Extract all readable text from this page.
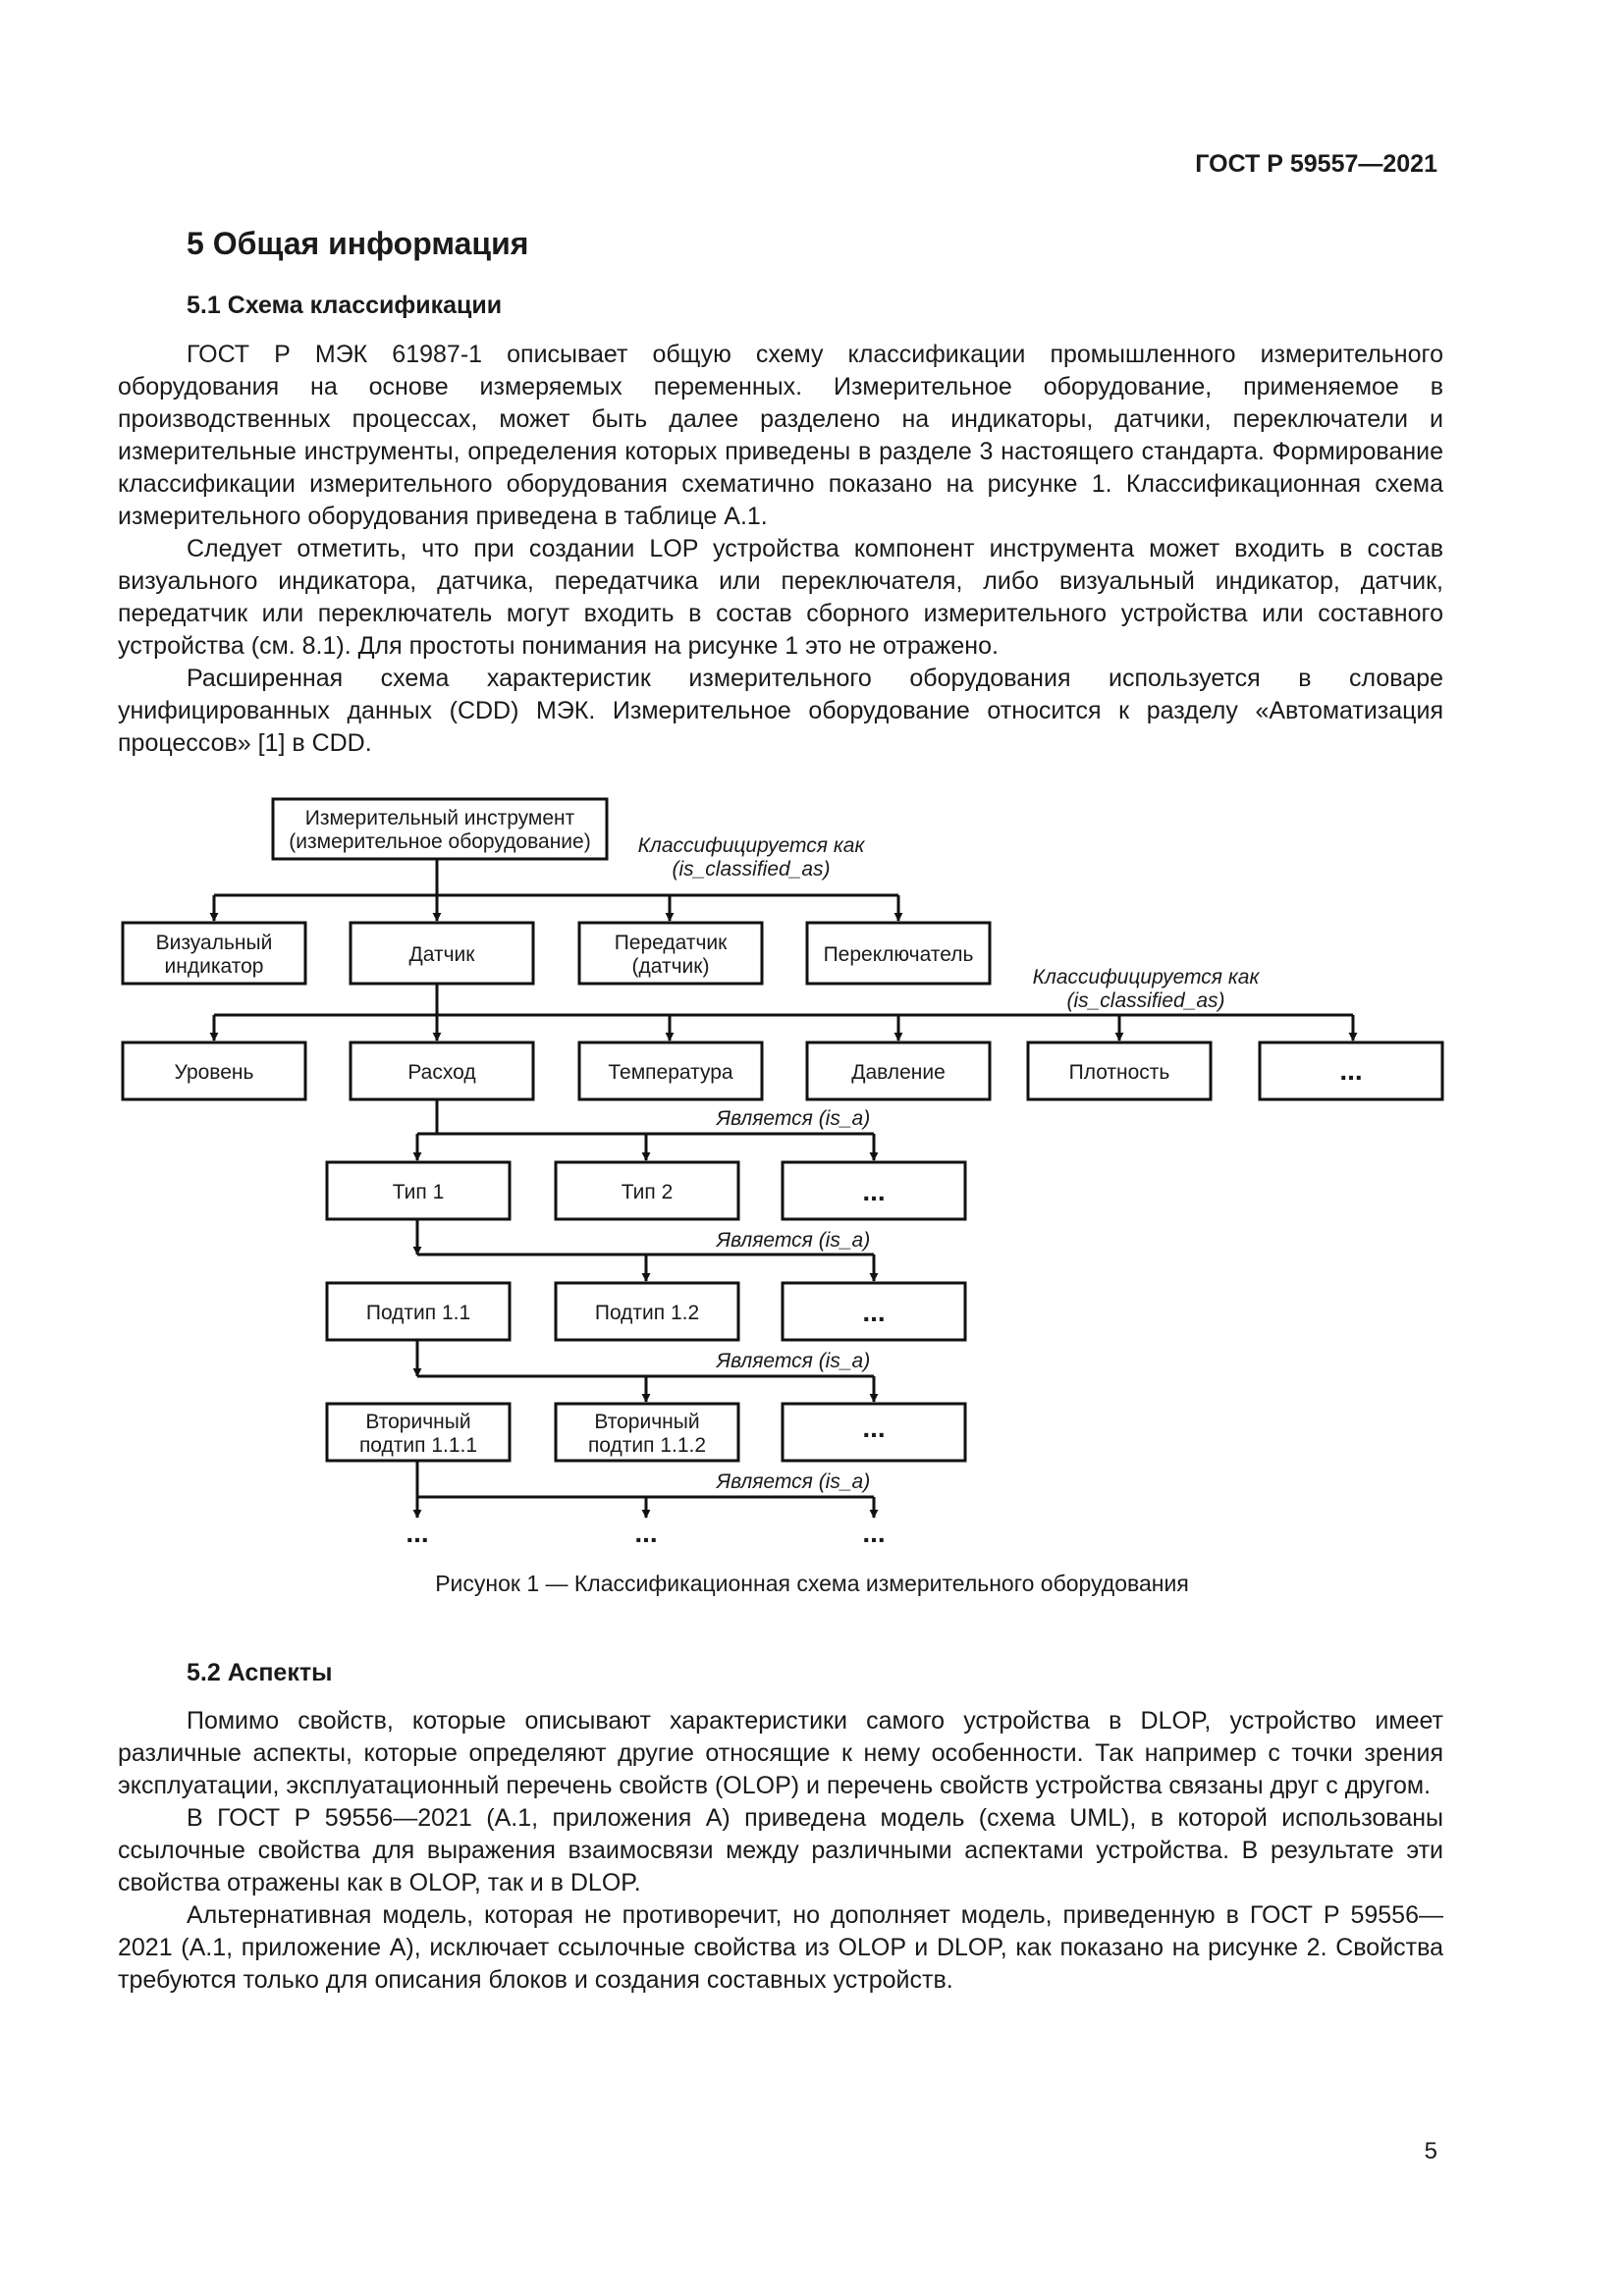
ГОСТ Р 59557—2021
5 Общая информация
5.1 Схема классификации

ГОСТ Р МЭК 61987-1 описывает общую схему классификации промышленного измерительного оборудования на основе измеряемых переменных. Измерительное оборудование, применяемое в производственных процессах, может быть далее разделено на индикаторы, датчики, переключатели и измерительные инструменты, определения которых приведены в разделе 3 настоящего стандарта. Формирование классификации измерительного оборудования схематично показано на рисунке 1. Классификационная схема измерительного оборудования приведена в таблице А.1.

Следует отметить, что при создании LOP устройства компонент инструмента может входить в состав визуального индикатора, датчика, передатчика или переключателя, либо визуальный индикатор, датчик, передатчик или переключатель могут входить в состав сборного измерительного устройства или составного устройства (см. 8.1). Для простоты понимания на рисунке 1 это не отражено.

Расширенная схема характеристик измерительного оборудования используется в словаре унифицированных данных (CDD) МЭК. Измерительное оборудование относится к разделу «Автоматизация процессов» [1] в CDD.

Измерительный инструмент
(измерительное оборудование)
Визуальный
индикатор
Датчик
Передатчик
(датчик)
Переключатель
Уровень	Расход	Температура	Давление	Плотность	...
Тип 1	Тип 2	...
Подтип 1.1	Подтип 1.2	...
Вторичный
подтип 1.1.1
Вторичный
подтип 1.1.2
...
...	...	...
Классифицируется как
(is_classified_as)
Классифицируется как
(is_classified_as)
Является (is_a)
Является (is_a)
Является (is_a)
Является (is_a)
Рисунок 1 — Классификационная схема измерительного оборудования
5.2 Аспекты

Помимо свойств, которые описывают характеристики самого устройства в DLOP, устройство имеет различные аспекты, которые определяют другие относящие к нему особенности. Так например с точки зрения эксплуатации, эксплуатационный перечень свойств (OLOP) и перечень свойств устройства связаны друг с другом.

В ГОСТ Р 59556—2021 (А.1, приложения А) приведена модель (схема UML), в которой использованы ссылочные свойства для выражения взаимосвязи между различными аспектами устройства. В результате эти свойства отражены как в OLOP, так и в DLOP.

Альтернативная модель, которая не противоречит, но дополняет модель, приведенную в ГОСТ Р 59556—2021 (А.1, приложение А), исключает ссылочные свойства из OLOP и DLOP, как показано на рисунке 2. Свойства требуются только для описания блоков и создания составных устройств.

5
